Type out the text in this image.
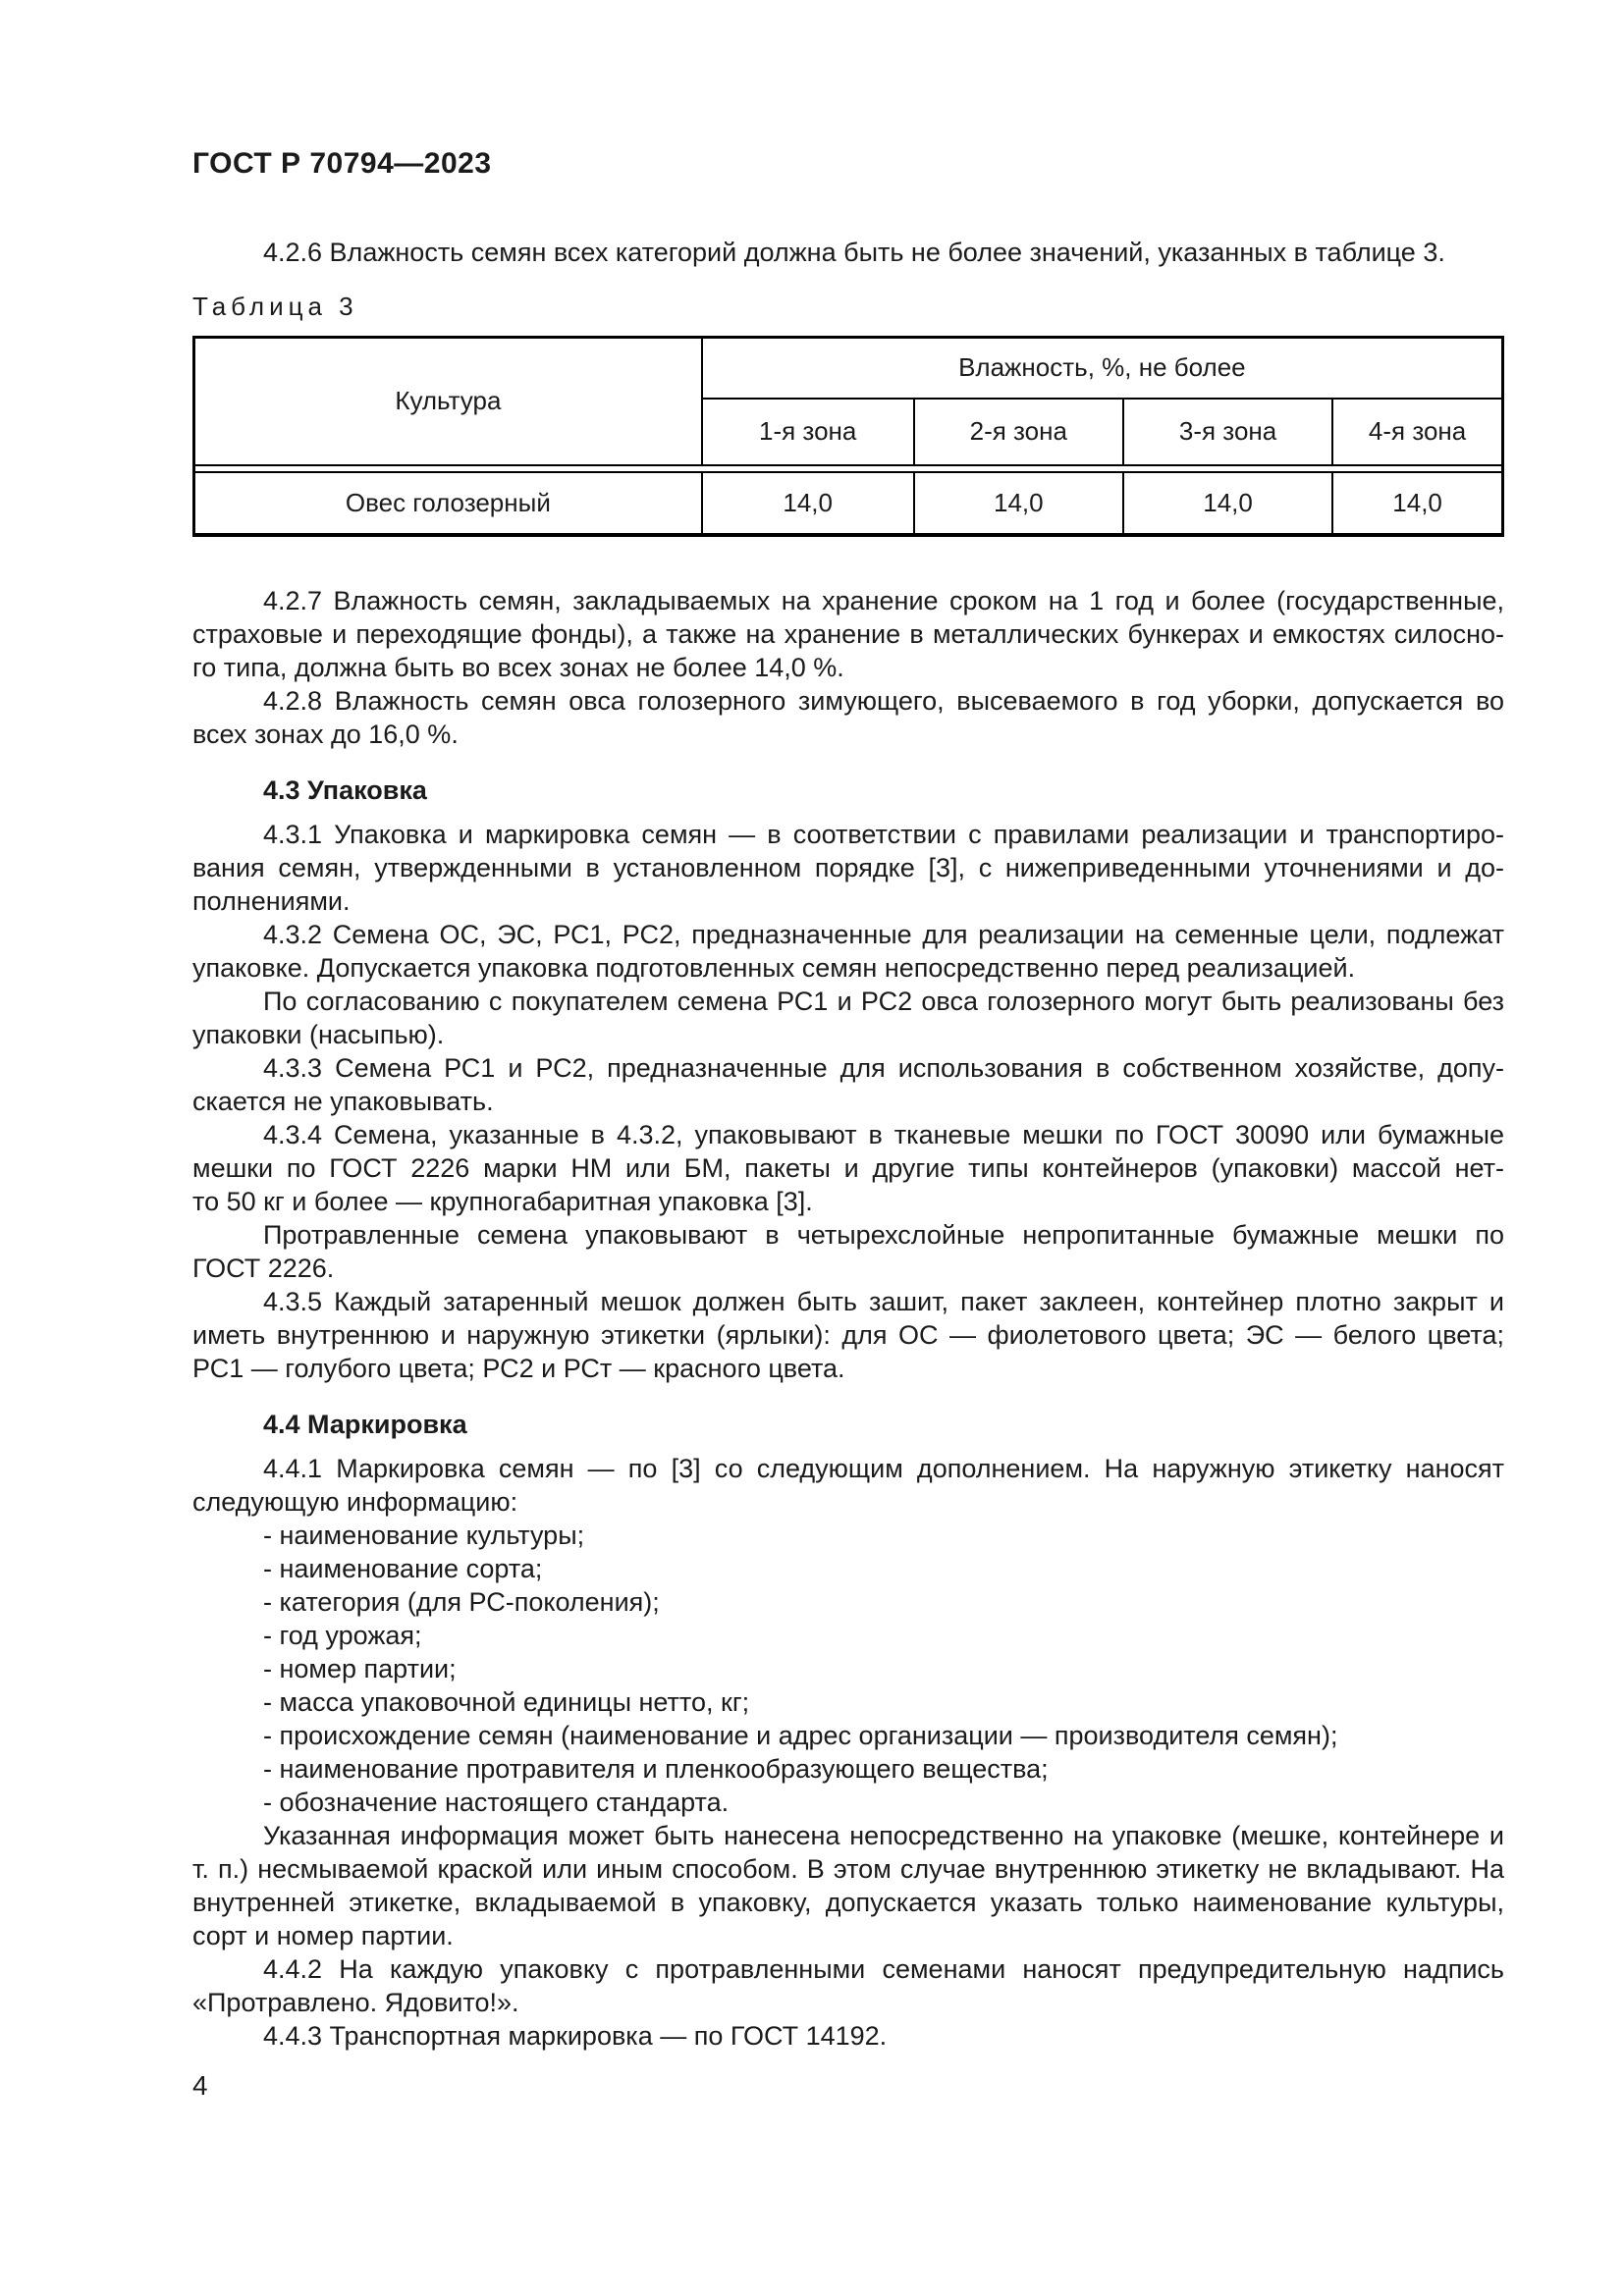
ГОСТ Р 70794—2023
4.2.6 Влажность семян всех категорий должна быть не более значений, указанных в таблице 3.
Таблица 3
Культура	Влажность, %, не более			
	1-я зона	2-я зона	3-я зона	4-я зона

Овес голозерный	14,0	14,0	14,0	14,0
4.2.7 Влажность семян, закладываемых на хранение сроком на 1 год и более (государственные,
страховые и переходящие фонды), а также на хранение в металлических бункерах и емкостях силосно-
го типа, должна быть во всех зонах не более 14,0 %.
4.2.8 Влажность семян овса голозерного зимующего, высеваемого в год уборки, допускается во
всех зонах до 16,0 %.
4.3 Упаковка
4.3.1 Упаковка и маркировка семян — в соответствии с правилами реализации и транспортиро-
вания семян, утвержденными в установленном порядке [3], с нижеприведенными уточнениями и до-
полнениями.
4.3.2 Семена ОС, ЭС, РС1, РС2, предназначенные для реализации на семенные цели, подлежат
упаковке. Допускается упаковка подготовленных семян непосредственно перед реализацией.
По согласованию с покупателем семена РС1 и РС2 овса голозерного могут быть реализованы без
упаковки (насыпью).
4.3.3 Семена РС1 и РС2, предназначенные для использования в собственном хозяйстве, допу-
скается не упаковывать.
4.3.4 Семена, указанные в 4.3.2, упаковывают в тканевые мешки по ГОСТ 30090 или бумажные
мешки по ГОСТ 2226 марки НМ или БМ, пакеты и другие типы контейнеров (упаковки) массой нет-
то 50 кг и более — крупногабаритная упаковка [3].
Протравленные семена упаковывают в четырехслойные непропитанные бумажные мешки по
ГОСТ 2226.
4.3.5 Каждый затаренный мешок должен быть зашит, пакет заклеен, контейнер плотно закрыт и
иметь внутреннюю и наружную этикетки (ярлыки): для ОС — фиолетового цвета; ЭС — белого цвета;
РС1 — голубого цвета; РС2 и РСт — красного цвета.
4.4 Маркировка
4.4.1 Маркировка семян — по [3] со следующим дополнением. На наружную этикетку наносят
следующую информацию:
- наименование культуры;
- наименование сорта;
- категория (для РС-поколения);
- год урожая;
- номер партии;
- масса упаковочной единицы нетто, кг;
- происхождение семян (наименование и адрес организации — производителя семян);
- наименование протравителя и пленкообразующего вещества;
- обозначение настоящего стандарта.
Указанная информация может быть нанесена непосредственно на упаковке (мешке, контейнере и
т. п.) несмываемой краской или иным способом. В этом случае внутреннюю этикетку не вкладывают. На
внутренней этикетке, вкладываемой в упаковку, допускается указать только наименование культуры,
сорт и номер партии.
4.4.2 На каждую упаковку с протравленными семенами наносят предупредительную надпись
«Протравлено. Ядовито!».
4.4.3 Транспортная маркировка — по ГОСТ 14192.
4
